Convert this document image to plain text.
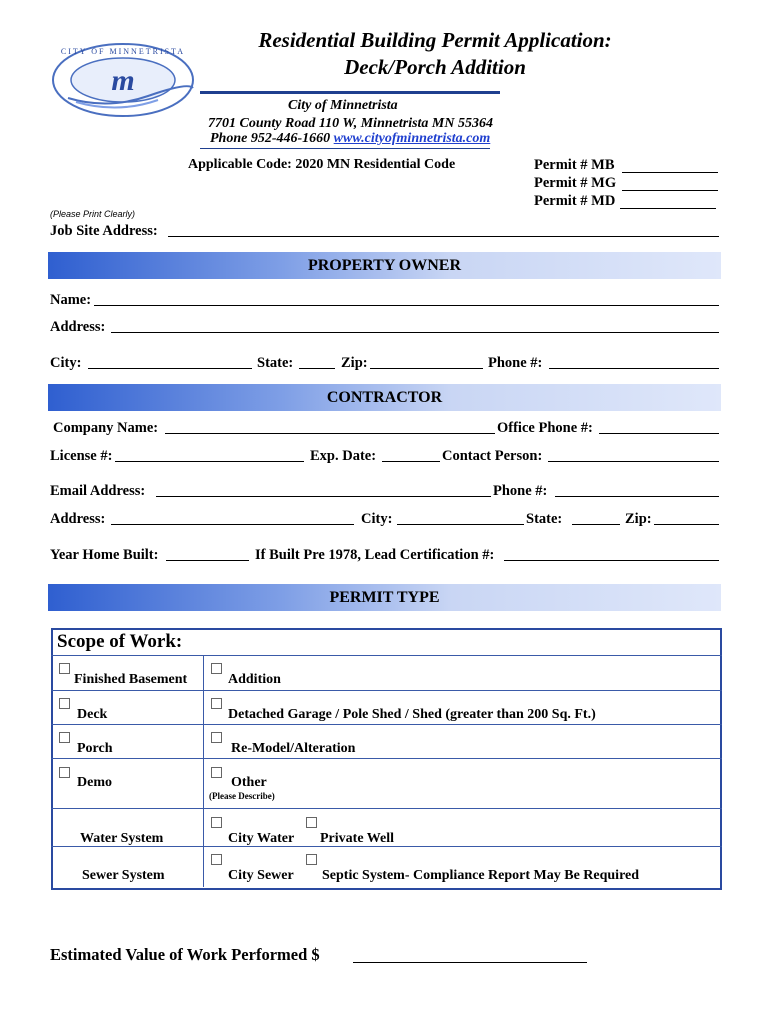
m
CITY OF MINNETRISTA	Residential Building Permit Application:
Deck/Porch Addition
City of Minnetrista
7701 County Road 110 W, Minnetrista MN 55364
Phone 952-446-1660 www.cityofminnetrista.com
Applicable Code: 2020 MN Residential Code	Permit # MB
Permit # MG
Permit # MD
(Please Print Clearly)
Job Site Address:
PROPERTY OWNER
Name:
Address:
City:	State:	Zip:	Phone #:
CONTRACTOR
Company Name:	Office Phone #:
License #:	Exp. Date:	Contact Person:
Email Address:	Phone #:
Address:	City:	State:	Zip:
Year Home Built:	If Built Pre 1978, Lead Certification #:
PERMIT TYPE
Scope of Work:
Finished Basement	Addition
Deck	Detached Garage / Pole Shed / Shed (greater than 200 Sq. Ft.)
Porch	Re-Model/Alteration
Demo	Other
(Please Describe)
Water System	City Water Private Well
Sewer System	City Sewer Septic System- Compliance Report May Be Required
Estimated Value of Work Performed $
